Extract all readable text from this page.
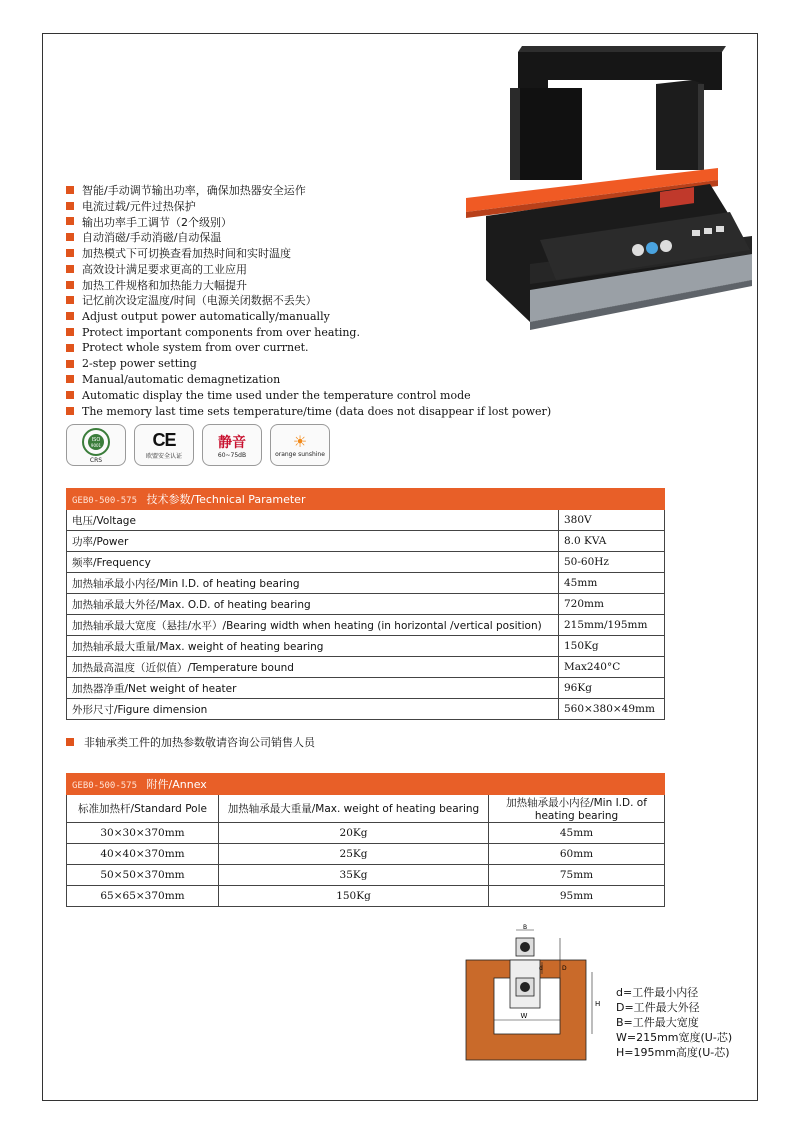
智能/手动调节输出功率，确保加热器安全运作
电流过载/元件过热保护
输出功率手工调节（2个级别）
自动消磁/手动消磁/自动保温
加热模式下可切换查看加热时间和实时温度
高效设计满足要求更高的工业应用
加热工件规格和加热能力大幅提升
记忆前次设定温度/时间（电源关闭数据不丢失）
Adjust output power automatically/manually
Protect important components from over heating.
Protect whole system from over currnet.
2-step power setting
Manual/automatic demagnetization
Automatic display the time used under the temperature control mode
The memory last time sets temperature/time (data does not disappear if lost power)
ISO
9001
CRS
CE
欧盟安全认证
静音
60~75dB
☀
orange sunshine
GEB0-500-575 技术参数/Technical Parameter	
电压/Voltage	380V
功率/Power	8.0 KVA
频率/Frequency	50-60Hz
加热轴承最小内径/Min I.D. of heating bearing	45mm
加热轴承最大外径/Max. O.D. of heating bearing	720mm
加热轴承最大宽度（悬挂/水平）/Bearing width when heating (in horizontal /vertical position)	215mm/195mm
加热轴承最大重量/Max. weight of heating bearing	150Kg
加热最高温度（近似值）/Temperature bound	Max240°C
加热器净重/Net weight of heater	96Kg
外形尺寸/Figure dimension	560×380×49mm
非轴承类工件的加热参数敬请咨询公司销售人员
GEB0-500-575 附件/Annex		
标准加热杆/Standard Pole	加热轴承最大重量/Max. weight of heating bearing	加热轴承最小内径/Min I.D. of heating bearing
30×30×370mm	20Kg	45mm
40×40×370mm	25Kg	60mm
50×50×370mm	35Kg	75mm
65×65×370mm	150Kg	95mm
B
d	D
H
W
d=工件最小内径
D=工件最大外径
B=工件最大宽度
W=215mm宽度(U-芯)
H=195mm高度(U-芯)
